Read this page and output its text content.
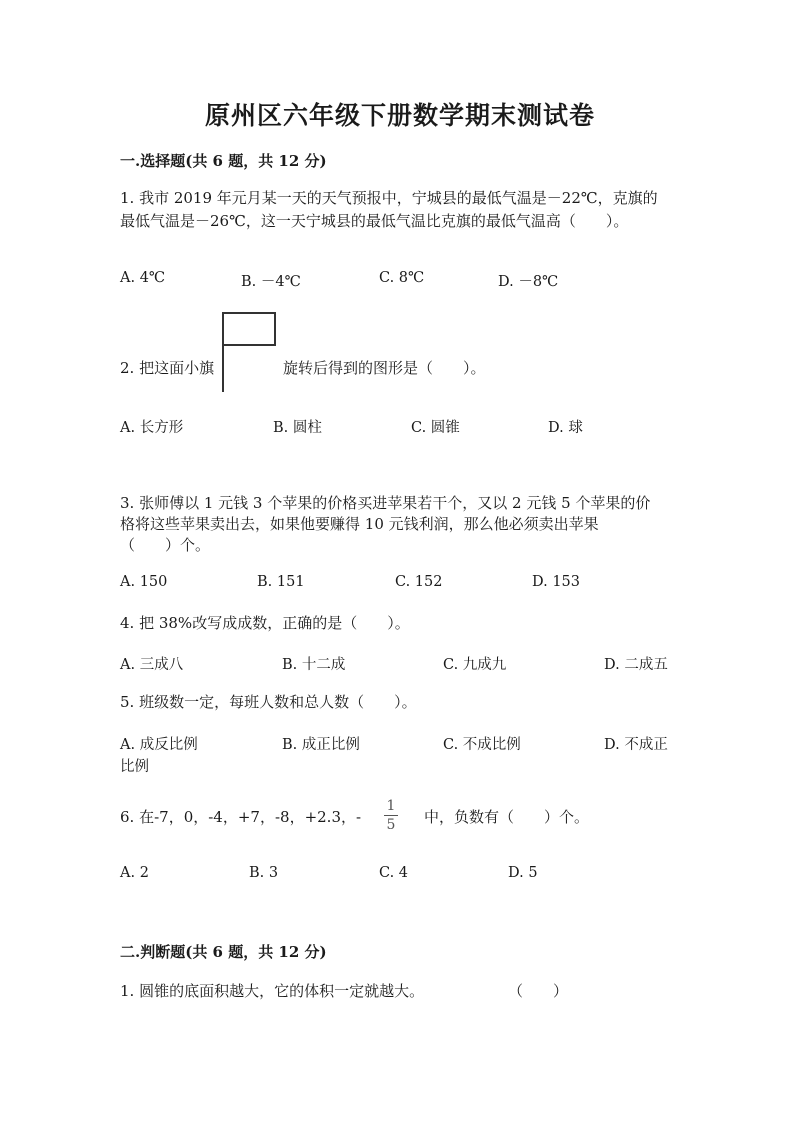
原州区六年级下册数学期末测试卷
一.选择题(共 6 题，共 12 分)
1. 我市 2019 年元月某一天的天气预报中，宁城县的最低气温是－22℃，克旗的
最低气温是－26℃，这一天宁城县的最低气温比克旗的最低气温高（　　）。
A. 4℃	B. －4℃	C. 8℃	D. －8℃
2. 把这面小旗	旋转后得到的图形是（　　）。
A. 长方形	B. 圆柱	C. 圆锥	D. 球
3. 张师傅以 1 元钱 3 个苹果的价格买进苹果若干个，又以 2 元钱 5 个苹果的价
格将这些苹果卖出去，如果他要赚得 10 元钱利润，那么他必须卖出苹果
（　　）个。
A. 150	B. 151	C. 152	D. 153
4. 把 38%改写成成数，正确的是（　　）。
A. 三成八	B. 十二成	C. 九成九	D. 二成五
5. 班级数一定，每班人数和总人数（　　）。
A. 成反比例	B. 成正比例	C. 不成比例	D. 不成正
比例
6. 在-7，0，-4，+7，-8，+2.3，-
1
5	中，负数有（　　）个。
A. 2	B. 3	C. 4	D. 5
二.判断题(共 6 题，共 12 分)
1. 圆锥的底面积越大，它的体积一定就越大。	（　　）
